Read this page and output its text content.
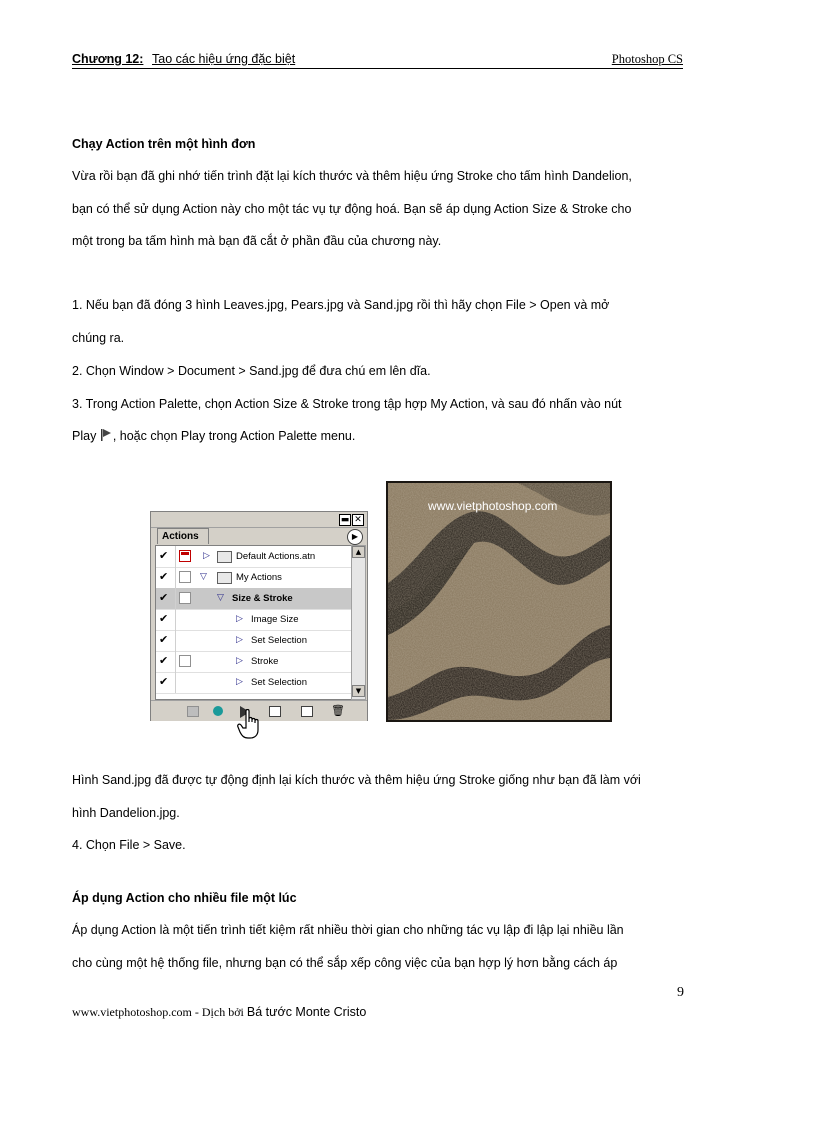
Chương 12: Tao các hiệu ứng đặc biệt	Photoshop CS
Chạy Action trên một hình đơn
Vừa rồi bạn đã ghi nhớ tiến trình đặt lại kích thước và thêm hiệu ứng Stroke cho tấm hình Dandelion,
bạn có thể sử dụng Action này cho một tác vụ tự động hoá. Bạn sẽ áp dụng Action Size & Stroke cho
một trong ba tấm hình mà bạn đã cắt ở phần đầu của chương này.
1. Nếu bạn đã đóng 3 hình Leaves.jpg, Pears.jpg và Sand.jpg rồi thì hãy chọn File > Open và mở
chúng ra.
2. Chọn Window > Document > Sand.jpg để đưa chú em lên dĩa.
3. Trong Action Palette, chọn Action Size & Stroke trong tập hợp My Action, và sau đó nhấn vào nút
Play , hoặc chọn Play trong Action Palette menu.
▬ ✕
Actions	▶
✔	▷	Default Actions.atn
✔	▽	My Actions
✔	▽ Size & Stroke
✔	▷ Image Size
✔	▷ Set Selection
✔	▷ Stroke
✔	▷ Set Selection
▲
▼
🗑
www.vietphotoshop.com
Hình Sand.jpg đã được tự động định lại kích thước và thêm hiệu ứng Stroke giống như bạn đã làm với
hình Dandelion.jpg.
4. Chọn File > Save.
Áp dụng Action cho nhiều file một lúc
Áp dụng Action là một tiến trình tiết kiệm rất nhiều thời gian cho những tác vụ lập đi lập lại nhiều lần
cho cùng một hệ thống file, nhưng bạn có thể sắp xếp công việc của bạn hợp lý hơn bằng cách áp
9
www.vietphotoshop.com - Dịch bởi Bá tước Monte Cristo
